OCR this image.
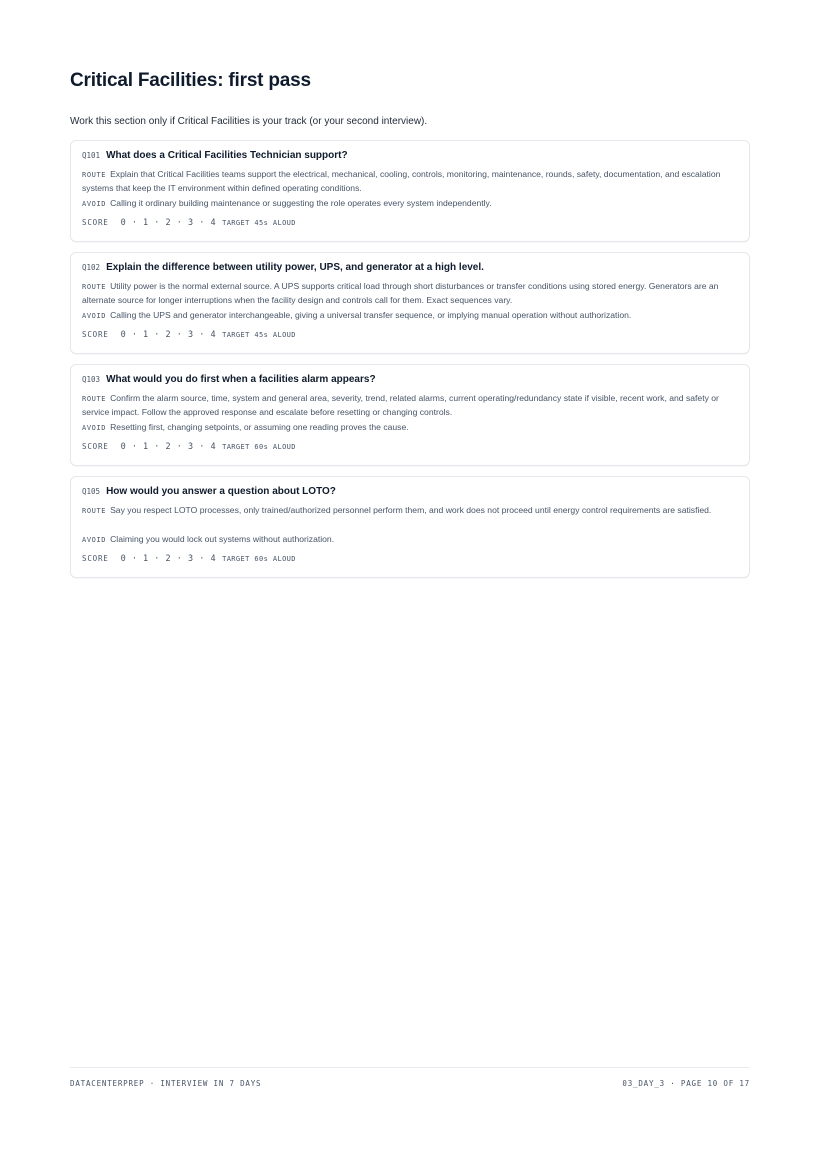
Critical Facilities: first pass

Work this section only if Critical Facilities is your track (or your second interview).

Q101 What does a Critical Facilities Technician support?
ROUTE Explain that Critical Facilities teams support the electrical, mechanical, cooling, controls, monitoring, maintenance, rounds, safety, documentation, and escalation systems that keep the IT environment within defined operating conditions.
AVOID Calling it ordinary building maintenance or suggesting the role operates every system independently.
SCORE 0 · 1 · 2 · 3 · 4 TARGET 45s ALOUD
Q102 Explain the difference between utility power, UPS, and generator at a high level.
ROUTE Utility power is the normal external source. A UPS supports critical load through short disturbances or transfer conditions using stored energy. Generators are an alternate source for longer interruptions when the facility design and controls call for them. Exact sequences vary.
AVOID Calling the UPS and generator interchangeable, giving a universal transfer sequence, or implying manual operation without authorization.
SCORE 0 · 1 · 2 · 3 · 4 TARGET 45s ALOUD
Q103 What would you do first when a facilities alarm appears?
ROUTE Confirm the alarm source, time, system and general area, severity, trend, related alarms, current operating/redundancy state if visible, recent work, and safety or service impact. Follow the approved response and escalate before resetting or changing controls.
AVOID Resetting first, changing setpoints, or assuming one reading proves the cause.
SCORE 0 · 1 · 2 · 3 · 4 TARGET 60s ALOUD
Q105 How would you answer a question about LOTO?
ROUTE Say you respect LOTO processes, only trained/authorized personnel perform them, and work does not proceed until energy control requirements are satisfied.
AVOID Claiming you would lock out systems without authorization.
SCORE 0 · 1 · 2 · 3 · 4 TARGET 60s ALOUD
DATACENTERPREP · INTERVIEW IN 7 DAYS	03_DAY_3 · PAGE 10 OF 17
